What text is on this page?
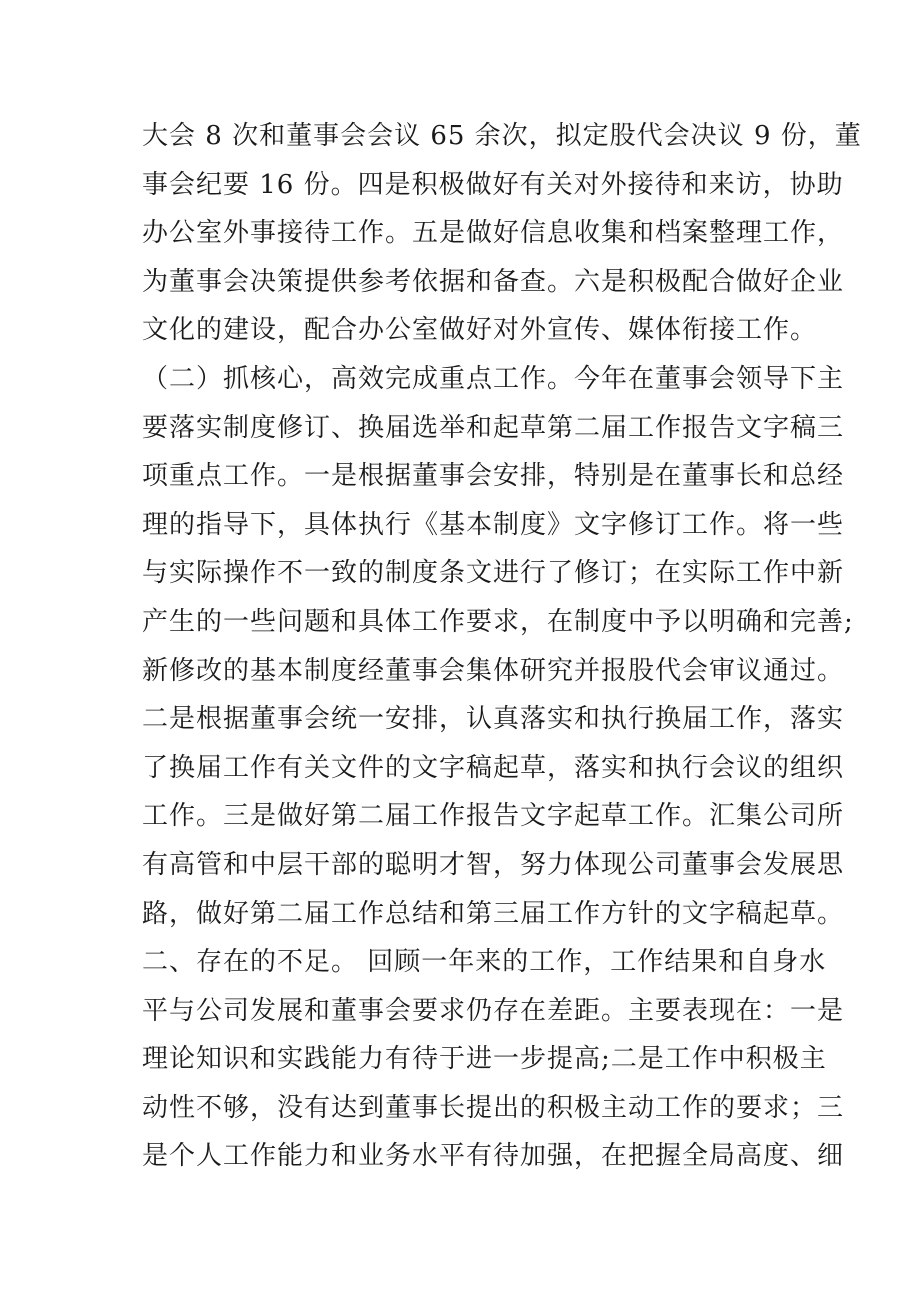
大会 8 次和董事会会议 65 余次，拟定股代会决议 9 份，董
事会纪要 16 份。四是积极做好有关对外接待和来访，协助
办公室外事接待工作。五是做好信息收集和档案整理工作，
为董事会决策提供参考依据和备查。六是积极配合做好企业
文化的建设，配合办公室做好对外宣传、媒体衔接工作。
（二）抓核心，高效完成重点工作。今年在董事会领导下主
要落实制度修订、换届选举和起草第二届工作报告文字稿三
项重点工作。一是根据董事会安排，特别是在董事长和总经
理的指导下，具体执行《基本制度》文字修订工作。将一些
与实际操作不一致的制度条文进行了修订；在实际工作中新
产生的一些问题和具体工作要求，在制度中予以明确和完善;
新修改的基本制度经董事会集体研究并报股代会审议通过。
二是根据董事会统一安排，认真落实和执行换届工作，落实
了换届工作有关文件的文字稿起草，落实和执行会议的组织
工作。三是做好第二届工作报告文字起草工作。汇集公司所
有高管和中层干部的聪明才智，努力体现公司董事会发展思
路，做好第二届工作总结和第三届工作方针的文字稿起草。
二、存在的不足。 回顾一年来的工作，工作结果和自身水
平与公司发展和董事会要求仍存在差距。主要表现在：一是
理论知识和实践能力有待于进一步提高;二是工作中积极主
动性不够，没有达到董事长提出的积极主动工作的要求；三
是个人工作能力和业务水平有待加强，在把握全局高度、细
